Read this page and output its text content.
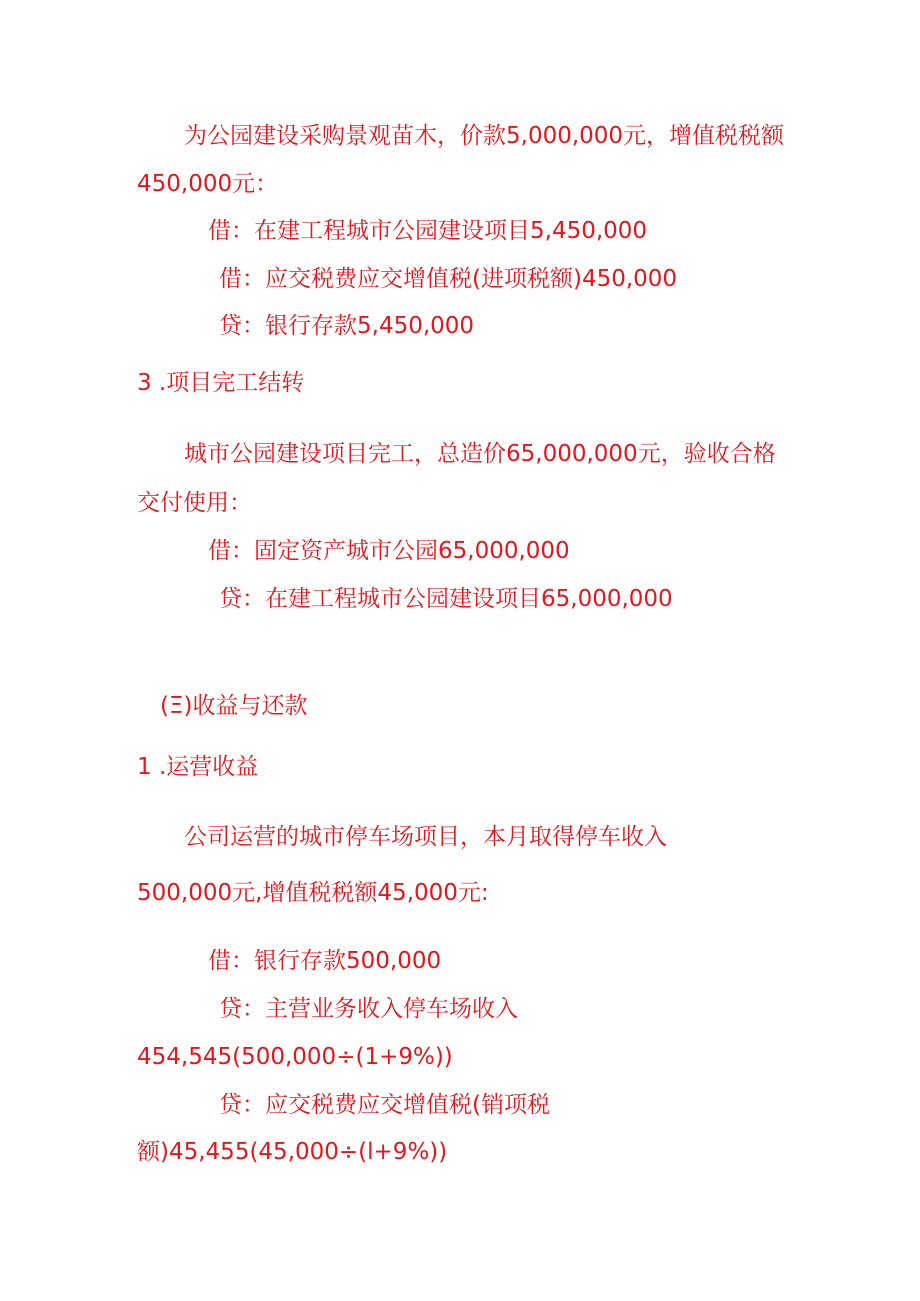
为公园建设采购景观苗木，价款5,000,000元，增值税税额
450,000元：
借：在建工程城市公园建设项目5,450,000
借：应交税费应交增值税(进项税额)450,000
贷：银行存款5,450,000
3 .项目完工结转
城市公园建设项目完工，总造价65,000,000元，验收合格
交付使用：
借：固定资产城市公园65,000,000
贷：在建工程城市公园建设项目65,000,000
(Ξ)收益与还款
1 .运营收益
公司运营的城市停车场项目，本月取得停车收入
500,000元,增值税税额45,000元:
借：银行存款500,000
贷：主营业务收入停车场收入
454,545(500,000÷(1+9%))
贷：应交税费应交增值税(销项税
额)45,455(45,000÷(l+9%))
